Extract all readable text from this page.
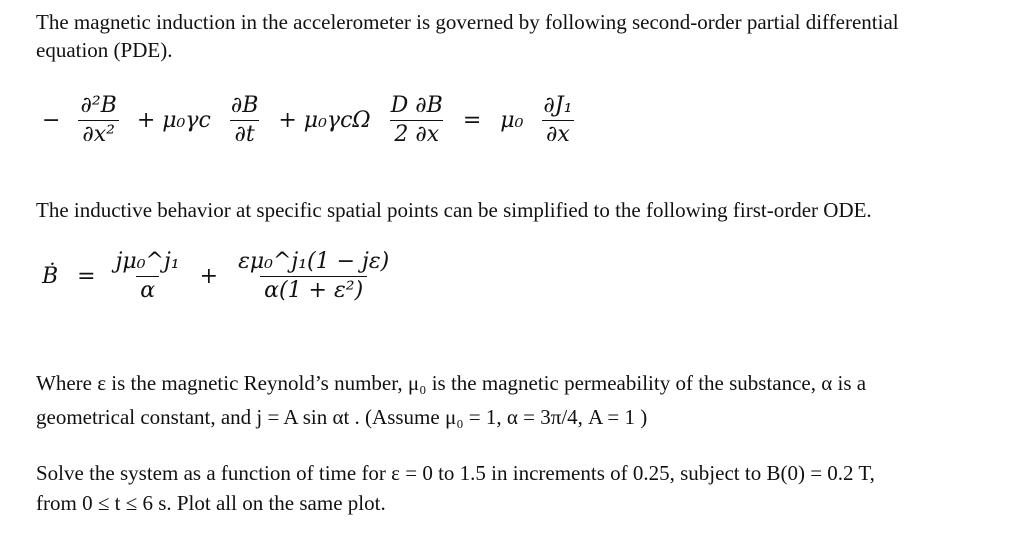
The magnetic induction in the accelerometer is governed by following second-order partial differential
equation (PDE).

− $\frac{\text{∂²B}}{\text{∂x²}} + \mu_0\gamma c \frac{\partial B}{\partial t} + \mu_0\gamma c\Omega \frac{D \partial B}{2 \partial x} = \mu_0 \frac{\text{∂J₁}}{\partial x}$

The inductive behavior at specific spatial points can be simplified to the following first-order ODE.

Ḃ = $\frac{\text{jμ₀\textasciicircum{}j₁}}{\alpha} + \frac{\text{εμ₀\textasciicircum{}j₁(1 − jε)}}{\text{α(1 + ε²)}}$

Where ε is the magnetic Reynold’s number, μ₀ is the magnetic permeability of the substance, α is a
geometrical constant, and j = A sin αt . (Assume μ₀ = 1, α = 3π/4, A = 1 )

Solve the system as a function of time for ε = 0 to 1.5 in increments of 0.25, subject to B(0) = 0.2 T,
from 0 ≤ t ≤ 6 s. Plot all on the same plot.
